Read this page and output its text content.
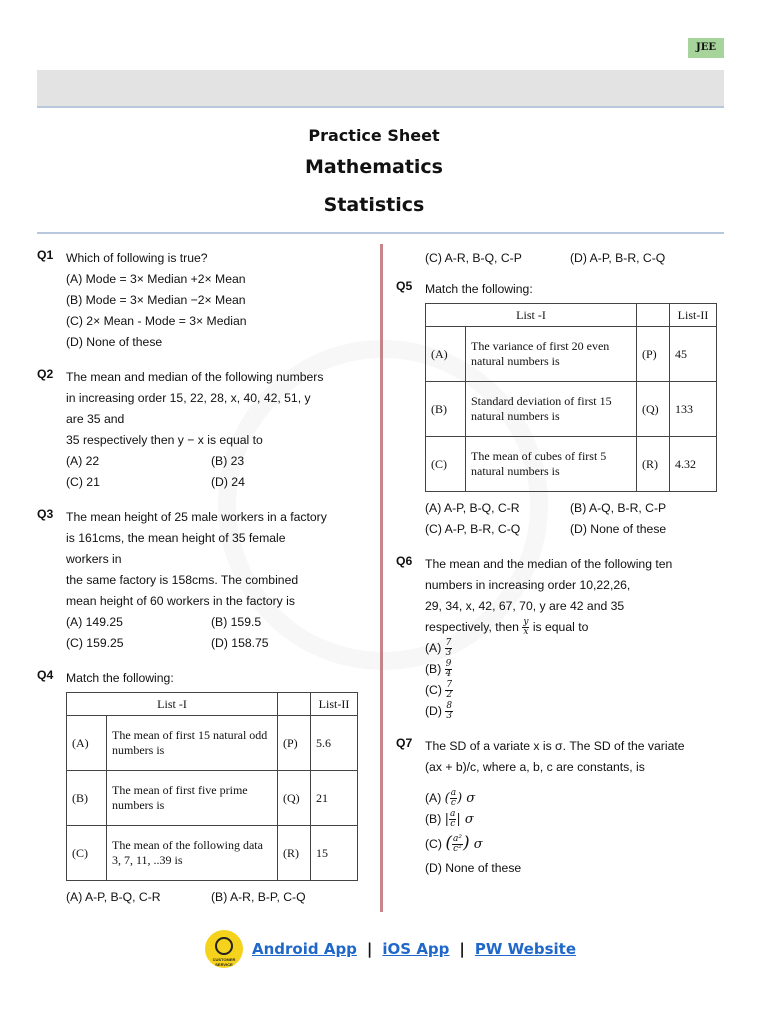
JEE
Practice Sheet
Mathematics
Statistics
Q1 Which of following is true?
(A) Mode = 3× Median +2× Mean
(B) Mode = 3× Median −2× Mean
(C) 2× Mean - Mode = 3× Median
(D) None of these
Q2 The mean and median of the following numbers
in increasing order 15, 22, 28, x, 40, 42, 51, y
are 35 and
35 respectively then y − x is equal to
(A) 22	(B) 23
(C) 21	(D) 24
Q3 The mean height of 25 male workers in a factory
is 161cms, the mean height of 35 female
workers in
the same factory is 158cms. The combined
mean height of 60 workers in the factory is
(A) 149.25	(B) 159.5
(C) 159.25	(D) 158.75
Q4 Match the following:
List -I			List-II
(A)	The mean of first 15 natural odd numbers is	(P)	5.6
(B)	The mean of first five prime numbers is	(Q)	21
(C)	The mean of the following data 3, 7, 11, ..39 is	(R)	15
(A) A-P, B-Q, C-R	(B) A-R, B-P, C-Q
(C) A-R, B-Q, C-P	(D) A-P, B-R, C-Q
Q5 Match the following:
List -I			List-II
(A)	The variance of first 20 even natural numbers is	(P)	45
(B)	Standard deviation of first 15 natural numbers is	(Q)	133
(C)	The mean of cubes of first 5 natural numbers is	(R)	4.32
(A) A-P, B-Q, C-R	(B) A-Q, B-R, C-P
(C) A-P, B-R, C-Q	(D) None of these
Q6 The mean and the median of the following ten
numbers in increasing order 10,22,26,
29, 34, x, 42, 67, 70, y are 42 and 35
respectively, then $\frac{y}{x}$ is equal to
$(A) \frac{7}{3}$
$(B) \frac{9}{4}$
$(C) \frac{7}{2}$
$(D) \frac{8}{3}$
Q7 The SD of a variate x is σ. The SD of the variate
(ax + b)/c, where a, b, c are constants, is
(A) ( $\frac{a}{c}$ ) σ
(B) | $\frac{a}{c}$ | σ
(C) ( $\frac{\text{a²}}{\text{c²}}$ ) σ
(D) None of these
CUSTOMER SERVICE
Android App | iOS App | PW Website
